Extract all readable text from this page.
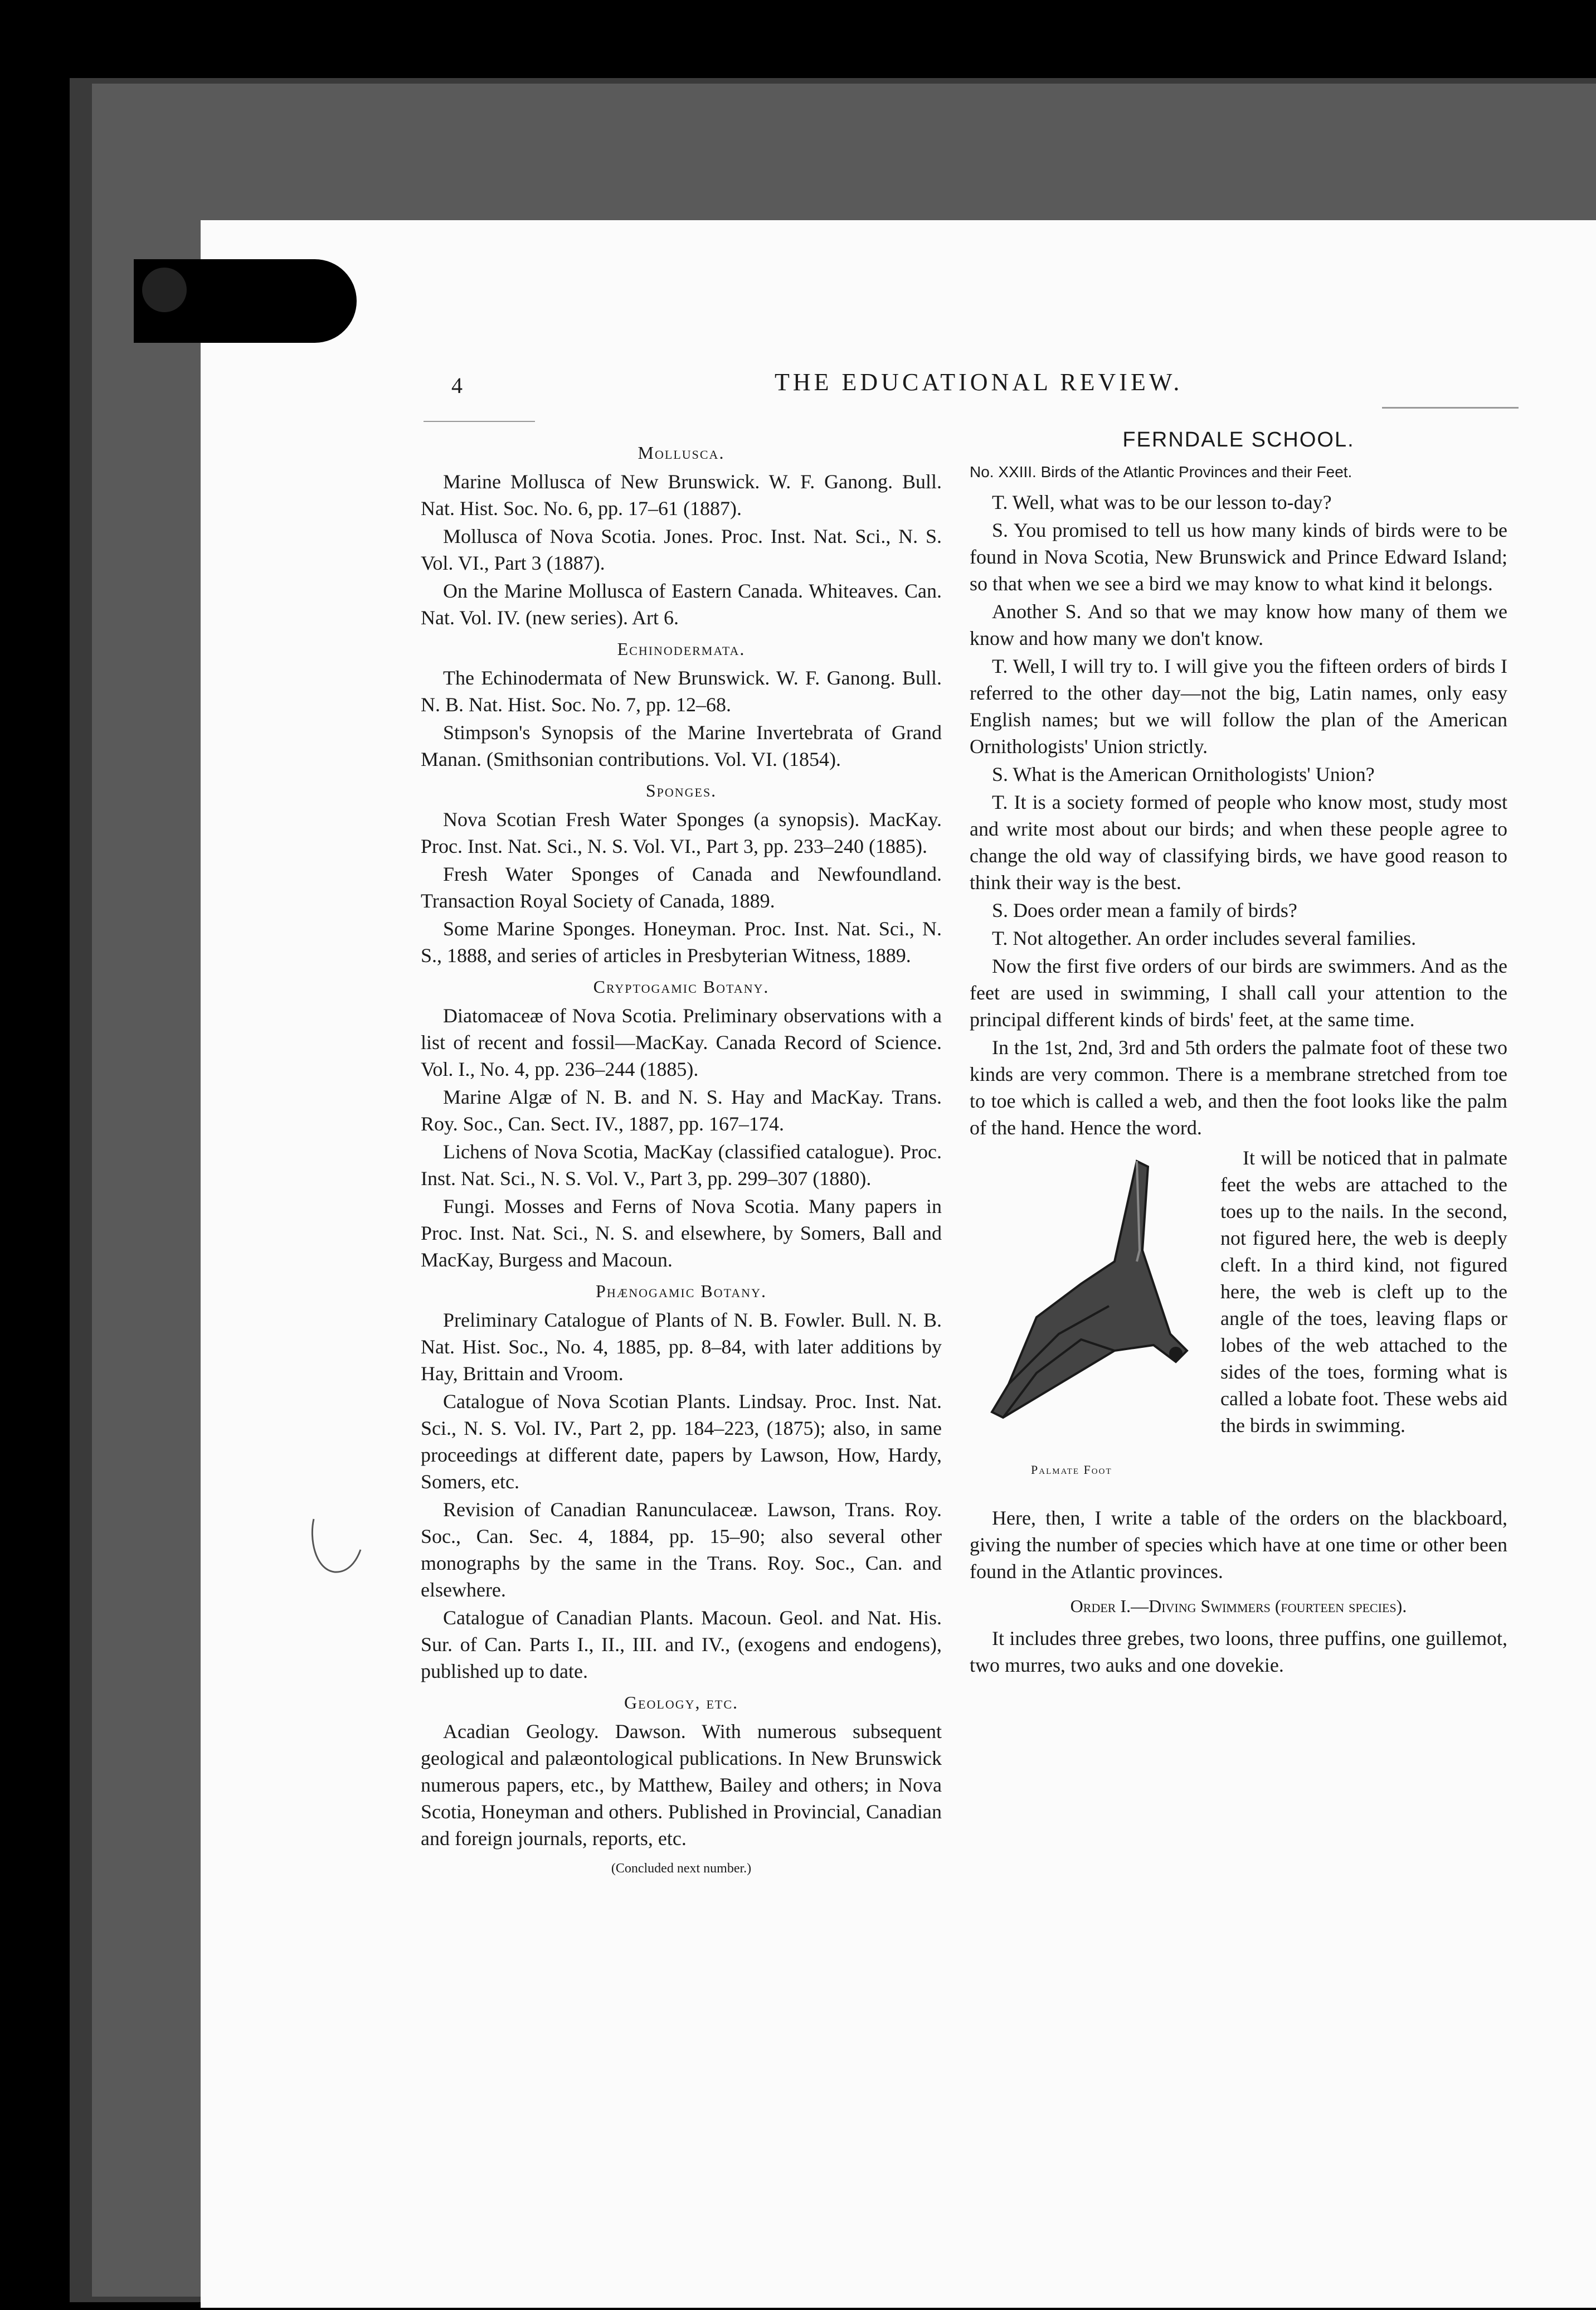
4	THE EDUCATIONAL REVIEW.
Mollusca.

Marine Mollusca of New Brunswick. W. F. Ganong. Bull. Nat. Hist. Soc. No. 6, pp. 17–61 (1887).

Mollusca of Nova Scotia. Jones. Proc. Inst. Nat. Sci., N. S. Vol. VI., Part 3 (1887).

On the Marine Mollusca of Eastern Canada. Whiteaves. Can. Nat. Vol. IV. (new series). Art 6.

Echinodermata.

The Echinodermata of New Brunswick. W. F. Ganong. Bull. N. B. Nat. Hist. Soc. No. 7, pp. 12–68.

Stimpson's Synopsis of the Marine Invertebrata of Grand Manan. (Smithsonian contributions. Vol. VI. (1854).

Sponges.

Nova Scotian Fresh Water Sponges (a synopsis). MacKay. Proc. Inst. Nat. Sci., N. S. Vol. VI., Part 3, pp. 233–240 (1885).

Fresh Water Sponges of Canada and Newfoundland. Transaction Royal Society of Canada, 1889.

Some Marine Sponges. Honeyman. Proc. Inst. Nat. Sci., N. S., 1888, and series of articles in Presbyterian Witness, 1889.

Cryptogamic Botany.

Diatomaceæ of Nova Scotia. Preliminary observations with a list of recent and fossil—MacKay. Canada Record of Science. Vol. I., No. 4, pp. 236–244 (1885).

Marine Algæ of N. B. and N. S. Hay and MacKay. Trans. Roy. Soc., Can. Sect. IV., 1887, pp. 167–174.

Lichens of Nova Scotia, MacKay (classified catalogue). Proc. Inst. Nat. Sci., N. S. Vol. V., Part 3, pp. 299–307 (1880).

Fungi. Mosses and Ferns of Nova Scotia. Many papers in Proc. Inst. Nat. Sci., N. S. and elsewhere, by Somers, Ball and MacKay, Burgess and Macoun.

Phænogamic Botany.

Preliminary Catalogue of Plants of N. B. Fowler. Bull. N. B. Nat. Hist. Soc., No. 4, 1885, pp. 8–84, with later additions by Hay, Brittain and Vroom.

Catalogue of Nova Scotian Plants. Lindsay. Proc. Inst. Nat. Sci., N. S. Vol. IV., Part 2, pp. 184–223, (1875); also, in same proceedings at different date, papers by Lawson, How, Hardy, Somers, etc.

Revision of Canadian Ranunculaceæ. Lawson, Trans. Roy. Soc., Can. Sec. 4, 1884, pp. 15–90; also several other monographs by the same in the Trans. Roy. Soc., Can. and elsewhere.

Catalogue of Canadian Plants. Macoun. Geol. and Nat. His. Sur. of Can. Parts I., II., III. and IV., (exogens and endogens), published up to date.

Geology, etc.

Acadian Geology. Dawson. With numerous subsequent geological and palæontological publications. In New Brunswick numerous papers, etc., by Matthew, Bailey and others; in Nova Scotia, Honeyman and others. Published in Provincial, Canadian and foreign journals, reports, etc.

(Concluded next number.)
FERNDALE SCHOOL.
No. XXIII. Birds of the Atlantic Provinces and their Feet.

T. Well, what was to be our lesson to-day?

S. You promised to tell us how many kinds of birds were to be found in Nova Scotia, New Brunswick and Prince Edward Island; so that when we see a bird we may know to what kind it belongs.

Another S. And so that we may know how many of them we know and how many we don't know.

T. Well, I will try to. I will give you the fifteen orders of birds I referred to the other day—not the big, Latin names, only easy English names; but we will follow the plan of the American Ornithologists' Union strictly.

S. What is the American Ornithologists' Union?

T. It is a society formed of people who know most, study most and write most about our birds; and when these people agree to change the old way of classifying birds, we have good reason to think their way is the best.

S. Does order mean a family of birds?

T. Not altogether. An order includes several families.

Now the first five orders of our birds are swimmers. And as the feet are used in swimming, I shall call your attention to the principal different kinds of birds' feet, at the same time.

In the 1st, 2nd, 3rd and 5th orders the palmate foot of these two kinds are very common. There is a membrane stretched from toe to toe which is called a web, and then the foot looks like the palm of the hand. Hence the word.

Palmate Foot

It will be noticed that in palmate feet the webs are attached to the toes up to the nails. In the second, not figured here, the web is deeply cleft. In a third kind, not figured here, the web is cleft up to the angle of the toes, leaving flaps or lobes of the web attached to the sides of the toes, forming what is called a lobate foot. These webs aid the birds in swimming.

Here, then, I write a table of the orders on the blackboard, giving the number of species which have at one time or other been found in the Atlantic provinces.

Order I.—Diving Swimmers (fourteen species).

It includes three grebes, two loons, three puffins, one guillemot, two murres, two auks and one dovekie.
